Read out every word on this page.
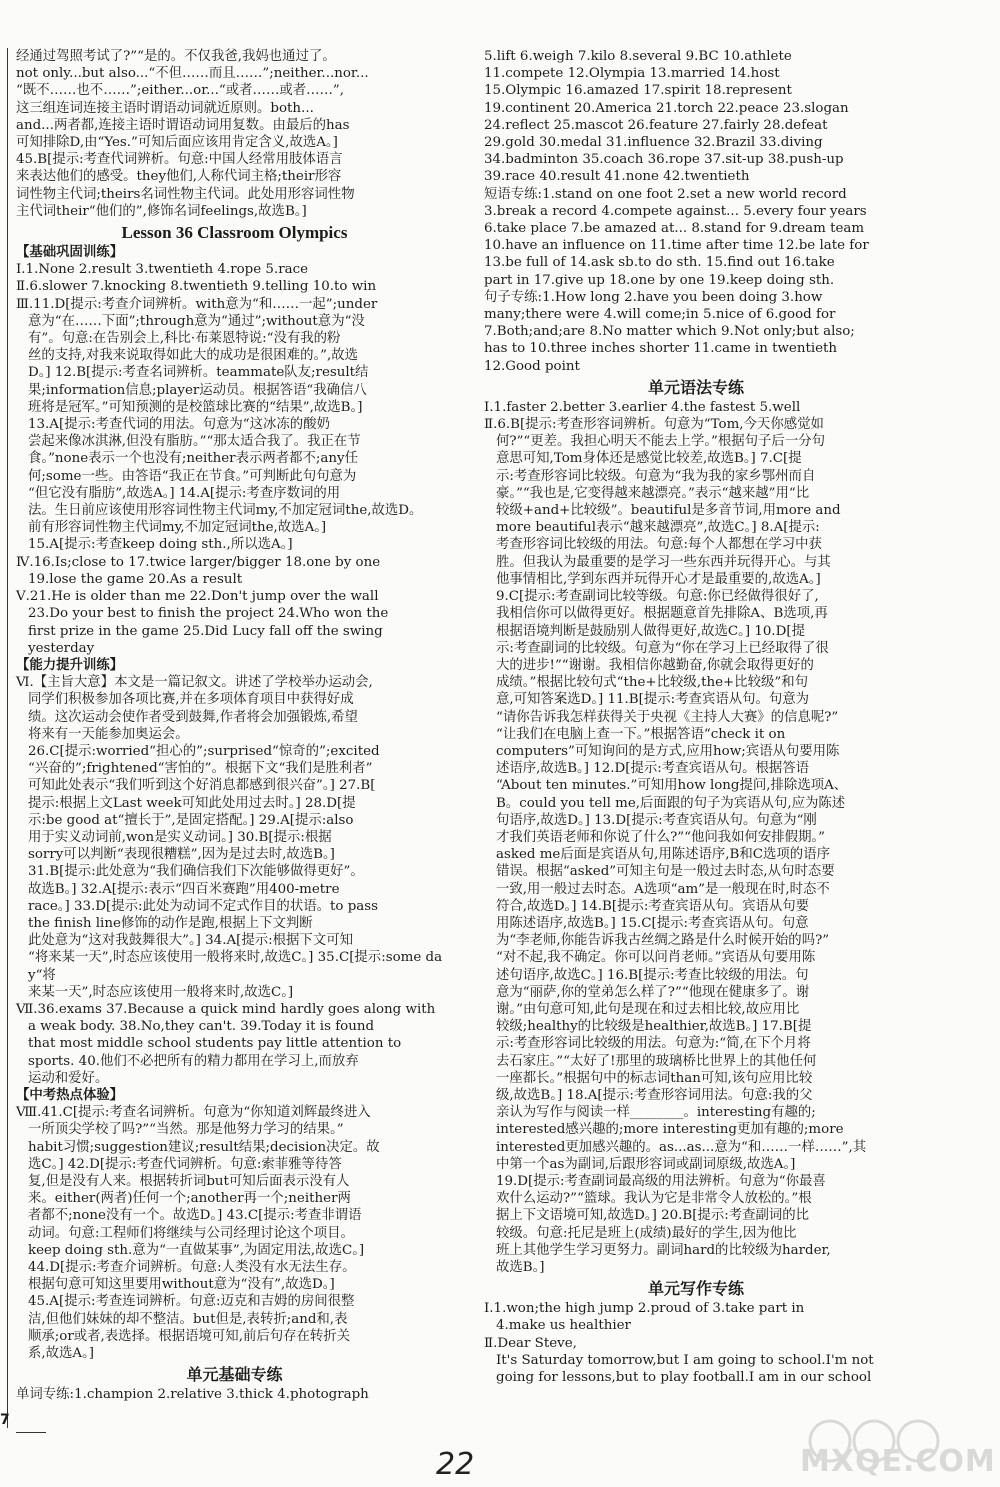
经通过驾照考试了?”“是的。不仅我爸,我妈也通过了。

not only...but also...“不但……而且……”;neither...nor...

“既不……也不……”;either...or...“或者……或者……”,

这三组连词连接主语时谓语动词就近原则。both...

and...两者都,连接主语时谓语动词用复数。由最后的has

可知排除D,由“Yes.”可知后面应该用肯定含义,故选A。]

45.B[提示:考查代词辨析。句意:中国人经常用肢体语言

来表达他们的感受。they他们,人称代词主格;their形容

词性物主代词;theirs名词性物主代词。此处用形容词性物

主代词their“他们的”,修饰名词feelings,故选B。]

Lesson 36 Classroom Olympics

【基础巩固训练】

Ⅰ.1.None 2.result 3.twentieth 4.rope 5.race

Ⅱ.6.slower 7.knocking 8.twentieth 9.telling 10.to win

Ⅲ.11.D[提示:考查介词辨析。with意为“和……一起”;under

意为“在……下面”;through意为“通过”;without意为“没

有”。句意:在告别会上,科比·布莱恩特说:“没有我的粉

丝的支持,对我来说取得如此大的成功是很困难的。”,故选

D。] 12.B[提示:考查名词辨析。teammate队友;result结

果;information信息;player运动员。根据答语“我确信八

班将是冠军。”可知预测的是校篮球比赛的“结果”,故选B。]

13.A[提示:考查代词的用法。句意为“这冰冻的酸奶

尝起来像冰淇淋,但没有脂肪。”“那太适合我了。我正在节

食。”none表示一个也没有;neither表示两者都不;any任

何;some一些。由答语“我正在节食。”可判断此句句意为

“但它没有脂肪”,故选A。] 14.A[提示:考查序数词的用

法。生日前应该使用形容词性物主代词my,不加定冠词the,故选D。

前有形容词性物主代词my,不加定冠词the,故选A。]

15.A[提示:考查keep doing sth.,所以选A。]

Ⅳ.16.Is;close to 17.twice larger/bigger 18.one by one

19.lose the game 20.As a result

Ⅴ.21.He is older than me 22.Don't jump over the wall

23.Do your best to finish the project 24.Who won the

first prize in the game 25.Did Lucy fall off the swing

yesterday

【能力提升训练】

Ⅵ.【主旨大意】本文是一篇记叙文。讲述了学校举办运动会,

同学们积极参加各项比赛,并在多项体育项目中获得好成

绩。这次运动会使作者受到鼓舞,作者将会加强锻炼,希望

将来有一天能参加奥运会。

26.C[提示:worried“担心的”;surprised“惊奇的”;excited

“兴奋的”;frightened“害怕的”。根据下文“我们是胜利者”

可知此处表示“我们听到这个好消息都感到很兴奋”。] 27.B[

提示:根据上文Last week可知此处用过去时。] 28.D[提

示:be good at“擅长于”,是固定搭配。] 29.A[提示:also

用于实义动词前,won是实义动词。] 30.B[提示:根据

sorry可以判断“表现很糟糕”,因为是过去时,故选B。]

31.B[提示:此处意为“我们确信我们下次能够做得更好”。

故选B。] 32.A[提示:表示“四百米赛跑”用400-metre

race。] 33.D[提示:此处为动词不定式作目的状语。to pass

the finish line修饰的动作是跑,根据上下文判断

此处意为“这对我鼓舞很大”。] 34.A[提示:根据下文可知

“将来某一天”,时态应该使用一般将来时,故选C。] 35.C[提示:some day“将

来某一天”,时态应该使用一般将来时,故选C。]

Ⅶ.36.exams 37.Because a quick mind hardly goes along with

a weak body. 38.No,they can't. 39.Today it is found

that most middle school students pay little attention to

sports. 40.他们不必把所有的精力都用在学习上,而放弃

运动和爱好。

【中考热点体验】

Ⅷ.41.C[提示:考查名词辨析。句意为“你知道刘辉最终进入

一所顶尖学校了吗?”“当然。那是他努力学习的结果。”

habit习惯;suggestion建议;result结果;decision决定。故

选C。] 42.D[提示:考查代词辨析。句意:索菲雅等待答

复,但是没有人来。根据转折词but可知后面表示没有人

来。either(两者)任何一个;another再一个;neither两

者都不;none没有一个。故选D。] 43.C[提示:考查非谓语

动词。句意:工程师们将继续与公司经理讨论这个项目。

keep doing sth.意为“一直做某事”,为固定用法,故选C。]

44.D[提示:考查介词辨析。句意:人类没有水无法生存。

根据句意可知这里要用without意为“没有”,故选D。]

45.A[提示:考查连词辨析。句意:迈克和吉姆的房间很整

洁,但他们妹妹的却不整洁。but但是,表转折;and和,表

顺承;or或者,表选择。根据语境可知,前后句存在转折关

系,故选A。]

单元基础专练

单词专练:1.champion 2.relative 3.thick 4.photograph

5.lift 6.weigh 7.kilo 8.several 9.BC 10.athlete

11.compete 12.Olympia 13.married 14.host

15.Olympic 16.amazed 17.spirit 18.represent

19.continent 20.America 21.torch 22.peace 23.slogan

24.reflect 25.mascot 26.feature 27.fairly 28.defeat

29.gold 30.medal 31.influence 32.Brazil 33.diving

34.badminton 35.coach 36.rope 37.sit-up 38.push-up

39.race 40.result 41.none 42.twentieth

短语专练:1.stand on one foot 2.set a new world record

3.break a record 4.compete against... 5.every four years

6.take place 7.be amazed at... 8.stand for 9.dream team

10.have an influence on 11.time after time 12.be late for

13.be full of 14.ask sb.to do sth. 15.find out 16.take

part in 17.give up 18.one by one 19.keep doing sth.

句子专练:1.How long 2.have you been doing 3.how

many;there were 4.will come;in 5.nice of 6.good for

7.Both;and;are 8.No matter which 9.Not only;but also;

has to 10.three inches shorter 11.came in twentieth

12.Good point

单元语法专练

Ⅰ.1.faster 2.better 3.earlier 4.the fastest 5.well

Ⅱ.6.B[提示:考查形容词辨析。句意为“Tom,今天你感觉如

何?”“更差。我担心明天不能去上学。”根据句子后一分句

意思可知,Tom身体还是感觉比较差,故选B。] 7.C[提

示:考查形容词比较级。句意为“我为我的家乡鄂州而自

豪。”“我也是,它变得越来越漂亮。”表示“越来越”用“比

较级+and+比较级”。beautiful是多音节词,用more and

more beautiful表示“越来越漂亮”,故选C。] 8.A[提示:

考查形容词比较级的用法。句意:每个人都想在学习中获

胜。但我认为最重要的是学习一些东西并玩得开心。与其

他事情相比,学到东西并玩得开心才是最重要的,故选A。]

9.C[提示:考查副词比较等级。句意:你已经做得很好了,

我相信你可以做得更好。根据题意首先排除A、B选项,再

根据语境判断是鼓励别人做得更好,故选C。] 10.D[提

示:考查副词的比较级。句意为“你在学习上已经取得了很

大的进步!”“谢谢。我相信你越勤奋,你就会取得更好的

成绩。”根据比较句式“the+比较级,the+比较级”和句

意,可知答案选D。] 11.B[提示:考查宾语从句。句意为

“请你告诉我怎样获得关于央视《主持人大赛》的信息呢?”

“让我们在电脑上查一下。”根据答语“check it on

computers”可知询问的是方式,应用how;宾语从句要用陈

述语序,故选B。] 12.D[提示:考查宾语从句。根据答语

“About ten minutes.”可知用how long提问,排除选项A、

B。could you tell me,后面跟的句子为宾语从句,应为陈述

句语序,故选D。] 13.D[提示:考查宾语从句。句意为“刚

才我们英语老师和你说了什么?”“他问我如何安排假期。”

asked me后面是宾语从句,用陈述语序,B和C选项的语序

错误。根据“asked”可知主句是一般过去时态,从句时态要

一致,用一般过去时态。A选项“am”是一般现在时,时态不

符合,故选D。] 14.B[提示:考查宾语从句。宾语从句要

用陈述语序,故选B。] 15.C[提示:考查宾语从句。句意

为“李老师,你能告诉我古丝绸之路是什么时候开始的吗?”

“对不起,我不确定。你可以问肖老师。”宾语从句要用陈

述句语序,故选C。] 16.B[提示:考查比较级的用法。句

意为“丽萨,你的堂弟怎么样了?”“他现在健康多了。谢

谢。”由句意可知,此句是现在和过去相比较,故应用比

较级;healthy的比较级是healthier,故选B。] 17.B[提

示:考查形容词比较级的用法。句意为:“简,在下个月将

去石家庄。”“太好了!那里的玻璃桥比世界上的其他任何

一座都长。”根据句中的标志词than可知,该句应用比较

级,故选B。] 18.A[提示:考查形容词用法。句意:我的父

亲认为写作与阅读一样________。interesting有趣的;

interested感兴趣的;more interesting更加有趣的;more

interested更加感兴趣的。as...as...意为“和……一样……”,其

中第一个as为副词,后跟形容词或副词原级,故选A。]

19.D[提示:考查副词最高级的用法辨析。句意为“你最喜

欢什么运动?”“篮球。我认为它是非常令人放松的。”根

据上下文语境可知,故选D。] 20.B[提示:考查副词的比

较级。句意:托尼是班上(成绩)最好的学生,因为他比

班上其他学生学习更努力。副词hard的比较级为harder,

故选B。]

单元写作专练

Ⅰ.1.won;the high jump 2.proud of 3.take part in

4.make us healthier

Ⅱ.Dear Steve,

It's Saturday tomorrow,but I am going to school.I'm not

going for lessons,but to play football.I am in our school

7
22	MXQE.COM
